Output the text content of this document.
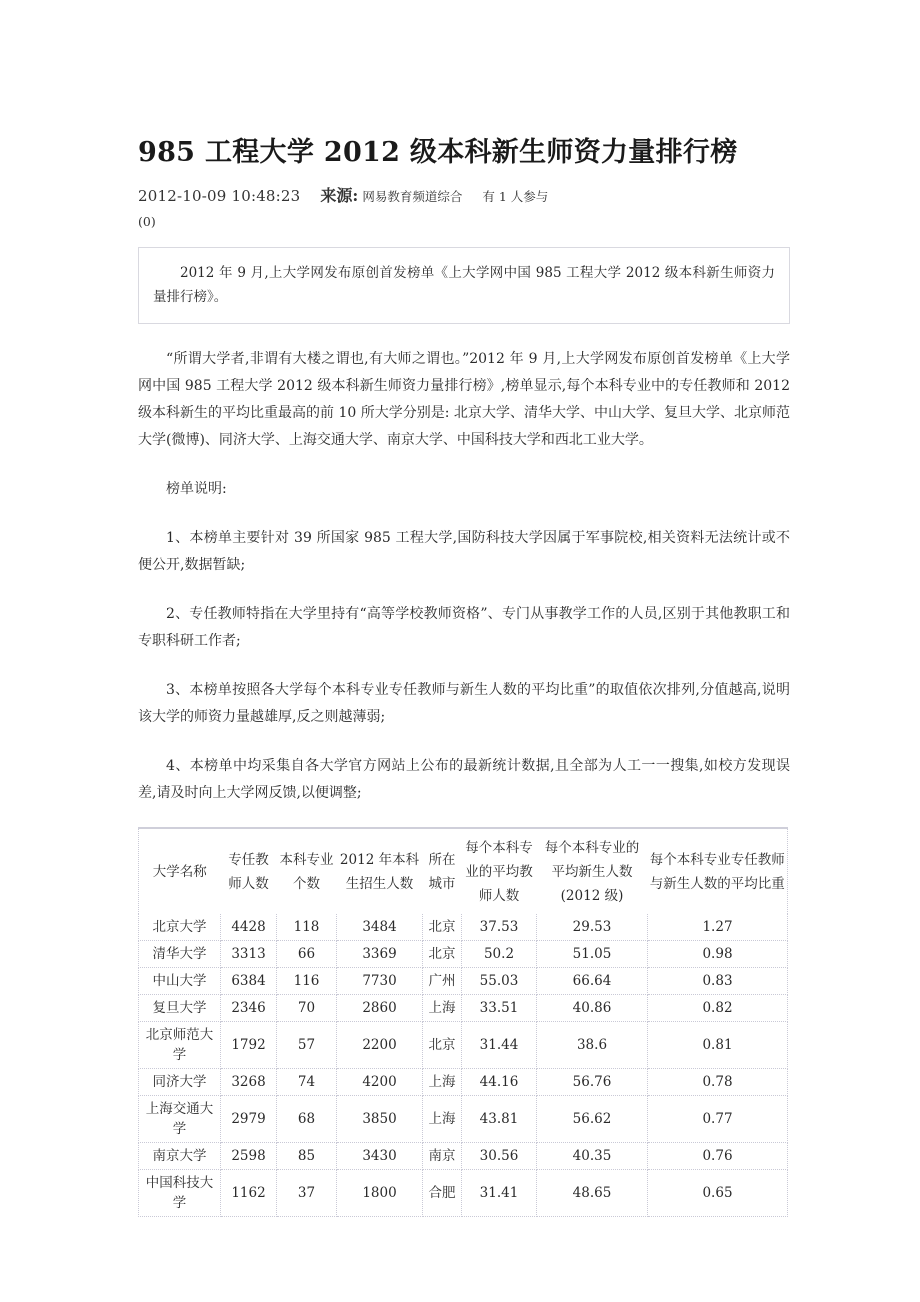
985 工程大学 2012 级本科新生师资力量排行榜
2012-10-09 10:48:23 来源: 网易教育频道综合 有 1 人参与
(0)
2012 年 9 月,上大学网发布原创首发榜单《上大学网中国 985 工程大学 2012 级本科新生师资力量排行榜》。

“所谓大学者,非谓有大楼之谓也,有大师之谓也。”2012 年 9 月,上大学网发布原创首发榜单《上大学网中国 985 工程大学 2012 级本科新生师资力量排行榜》,榜单显示,每个本科专业中的专任教师和 2012 级本科新生的平均比重最高的前 10 所大学分别是: 北京大学、清华大学、中山大学、复旦大学、北京师范大学(微博)、同济大学、上海交通大学、南京大学、中国科技大学和西北工业大学。

榜单说明:

1、本榜单主要针对 39 所国家 985 工程大学,国防科技大学因属于军事院校,相关资料无法统计或不便公开,数据暂缺;

2、专任教师特指在大学里持有“高等学校教师资格”、专门从事教学工作的人员,区别于其他教职工和专职科研工作者;

3、本榜单按照各大学每个本科专业专任教师与新生人数的平均比重”的取值依次排列,分值越高,说明该大学的师资力量越雄厚,反之则越薄弱;

4、本榜单中均采集自各大学官方网站上公布的最新统计数据,且全部为人工一一搜集,如校方发现误差,请及时向上大学网反馈,以便调整;

大学名称	专任教师人数	本科专业个数	2012 年本科生招生人数	所在城市	每个本科专业的平均教师人数	每个本科专业的平均新生人数(2012 级)	每个本科专业专任教师与新生人数的平均比重
北京大学	4428	118	3484	北京	37.53	29.53	1.27
清华大学	3313	66	3369	北京	50.2	51.05	0.98
中山大学	6384	116	7730	广州	55.03	66.64	0.83
复旦大学	2346	70	2860	上海	33.51	40.86	0.82
北京师范大学	1792	57	2200	北京	31.44	38.6	0.81
同济大学	3268	74	4200	上海	44.16	56.76	0.78
上海交通大学	2979	68	3850	上海	43.81	56.62	0.77
南京大学	2598	85	3430	南京	30.56	40.35	0.76
中国科技大学	1162	37	1800	合肥	31.41	48.65	0.65
